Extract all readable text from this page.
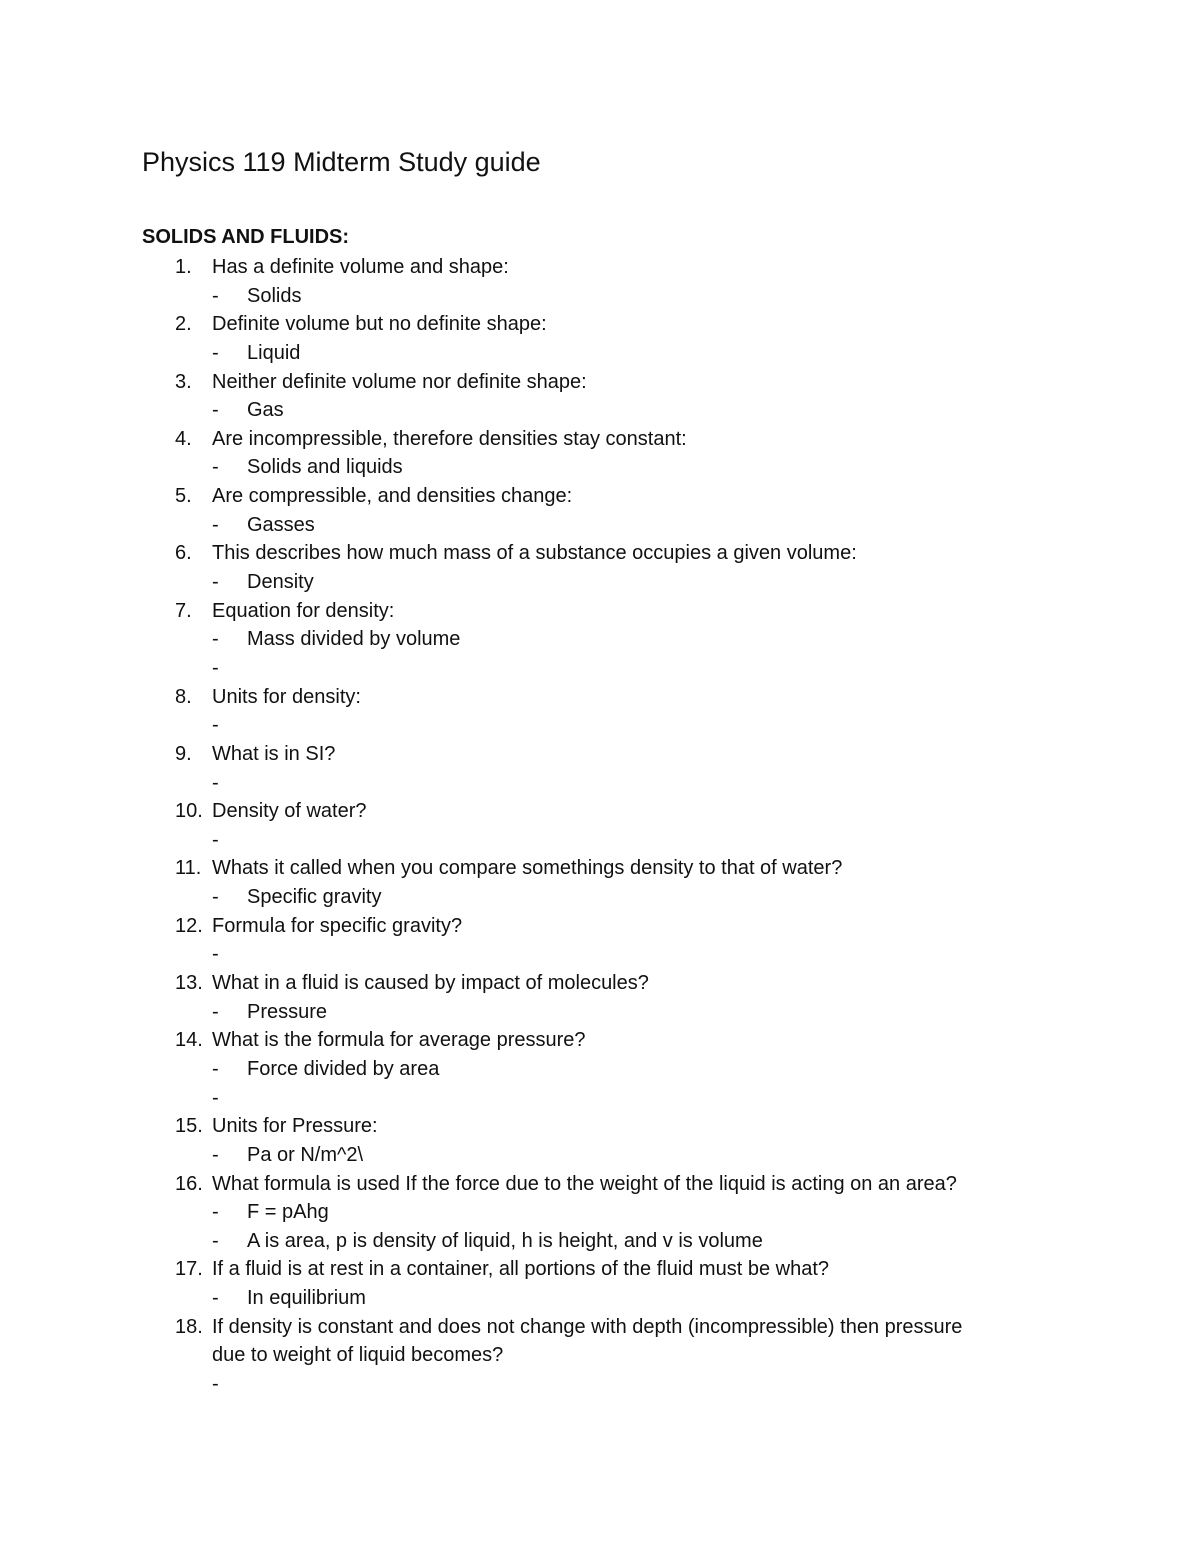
Physics 119 Midterm Study guide
SOLIDS AND FLUIDS:
1. Has a definite volume and shape:
- Solids
2. Definite volume but no definite shape:
- Liquid
3. Neither definite volume nor definite shape:
- Gas
4. Are incompressible, therefore densities stay constant:
- Solids and liquids
5. Are compressible, and densities change:
- Gasses
6. This describes how much mass of a substance occupies a given volume:
- Density
7. Equation for density:
- Mass divided by volume
-
8. Units for density:
-
9. What is in SI?
-
10. Density of water?
-
11. Whats it called when you compare somethings density to that of water?
- Specific gravity
12. Formula for specific gravity?
-
13. What in a fluid is caused by impact of molecules?
- Pressure
14. What is the formula for average pressure?
- Force divided by area
-
15. Units for Pressure:
- Pa or N/m^2\
16. What formula is used If the force due to the weight of the liquid is acting on an area?
- F = pAhg
- A is area, p is density of liquid, h is height, and v is volume
17. If a fluid is at rest in a container, all portions of the fluid must be what?
- In equilibrium
18. If density is constant and does not change with depth (incompressible) then pressure
due to weight of liquid becomes?
-
